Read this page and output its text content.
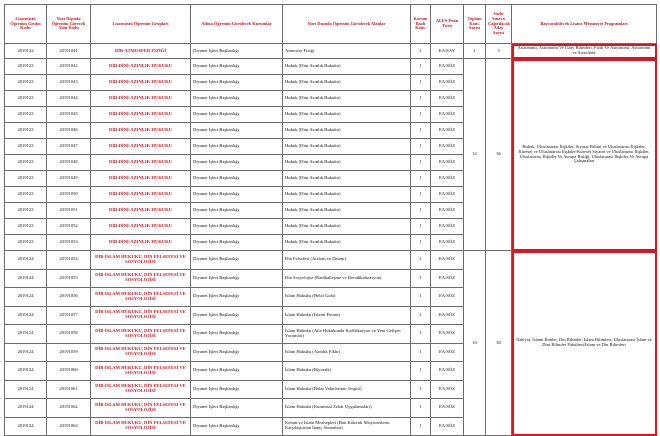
Lisansüstü Öğrenim Grubu Kodu	Yurt Dışında Öğrenim Görecek Alan Kodu	Lisansüstü Öğrenim Grupları	Adına Öğrenim Görülecek Kurumlar	Yurt Dışında Öğrenim Görülecek Alanlar	Kurum Bazlı Kont.	ALES Puan Türü	Toplam Kont. Sayısı	Sözlü Sınava Çağırılacak Aday Sayısı	Başvurabilecek Lisans Mezuniyet Programları
2019122	20191041	DİB-ATMOSFER FİZİĞİ	Diyanet İşleri Başkanlığı	Atmosfer Fiziği	1	EA/SAY	1	3	Astronomi, Astronomi Ve Uzay Bilimleri, Fizik Ve Astronomi, Astronomi ve Astrofizik
2019123	20191042	DİB-DİNİ-AZINLIK HUKUKU	Diyanet İşleri Başkanlığı	Hukuk (Dini Azınlık Hukuku)	1	EA/SÖZ	12	36	Hukuk, Uluslararası İlişkiler, Siyaset Bilimi ve Uluslararası İlişkiler, Küresel ve Uluslararası İlişkiler/Küresel Siyaset ve Uluslararası İlişkiler, Uluslararası İlişkiler Ve Avrupa Birliği, Uluslararası İlişkiler Ve Avrupa Çalışmaları
2019123	20191043	DİB-DİNİ-AZINLIK HUKUKU	Diyanet İşleri Başkanlığı	Hukuk (Dini Azınlık Hukuku)	1	EA/SÖZ			
2019123	20191044	DİB-DİNİ-AZINLIK HUKUKU	Diyanet İşleri Başkanlığı	Hukuk (Dini Azınlık Hukuku)	1	EA/SÖZ			
2019123	20191045	DİB-DİNİ-AZINLIK HUKUKU	Diyanet İşleri Başkanlığı	Hukuk (Dini Azınlık Hukuku)	1	EA/SÖZ			
2019123	20191046	DİB-DİNİ-AZINLIK HUKUKU	Diyanet İşleri Başkanlığı	Hukuk (Dini Azınlık Hukuku)	1	EA/SÖZ			
2019123	20191047	DİB-DİNİ-AZINLIK HUKUKU	Diyanet İşleri Başkanlığı	Hukuk (Dini Azınlık Hukuku)	1	EA/SÖZ			
2019123	20191048	DİB-DİNİ-AZINLIK HUKUKU	Diyanet İşleri Başkanlığı	Hukuk (Dini Azınlık Hukuku)	1	EA/SÖZ			
2019123	20191049	DİB-DİNİ-AZINLIK HUKUKU	Diyanet İşleri Başkanlığı	Hukuk (Dini Azınlık Hukuku)	1	EA/SÖZ			
2019123	20191050	DİB-DİNİ-AZINLIK HUKUKU	Diyanet İşleri Başkanlığı	Hukuk (Dini Azınlık Hukuku)	1	EA/SÖZ			
2019123	20191051	DİB-DİNİ-AZINLIK HUKUKU	Diyanet İşleri Başkanlığı	Hukuk (Dini Azınlık Hukuku)	1	EA/SÖZ			
2019123	20191052	DİB-DİNİ-AZINLIK HUKUKU	Diyanet İşleri Başkanlığı	Hukuk (Dini Azınlık Hukuku)	1	EA/SÖZ			
2019123	20191053	DİB-DİNİ-AZINLIK HUKUKU	Diyanet İşleri Başkanlığı	Hukuk (Dini Azınlık Hukuku)	1	EA/SÖZ			
2019124	20191054	DİB-İSLAM HUKUKU, DİN FELSEFESİ VE SOSYOLOJİSİ	Diyanet İşleri Başkanlığı	Din Felsefesi (Ateizm ve Deizm)	1	EA/SÖZ	10	30	İlahiyat, İslami İlimler, Din Bilimler, İslam Bilimleri, Uluslararası İslam ve Dini Bilimler Fakültesi/İslam ve Din Bilimleri
2019124	20191055	DİB-İSLAM HUKUKU, DİN FELSEFESİ VE SOSYOLOJİSİ	Diyanet İşleri Başkanlığı	Din Sosyolojisi (Radikalleşme ve Deradikalizasyon)	1	EA/SÖZ			
2019124	20191056	DİB-İSLAM HUKUKU, DİN FELSEFESİ VE SOSYOLOJİSİ	Diyanet İşleri Başkanlığı	İslam Hukuku (Helal Gıda)	1	EA/SÖZ			
2019124	20191057	DİB-İSLAM HUKUKU, DİN FELSEFESİ VE SOSYOLOJİSİ	Diyanet İşleri Başkanlığı	İslam Hukuku (İslami Finans)	1	EA/SÖZ			
2019124	20191058	DİB-İSLAM HUKUKU, DİN FELSEFESİ VE SOSYOLOJİSİ	Diyanet İşleri Başkanlığı	İslam Hukuku (Aile Hukukunda Kodifikasyon ve Yeni Gelişen Yorumlar)	1	EA/SÖZ			
2019124	20191059	DİB-İSLAM HUKUKU, DİN FELSEFESİ VE SOSYOLOJİSİ	Diyanet İşleri Başkanlığı	İslam Hukuku (Azınlık Fıkhı)	1	EA/SÖZ			
2019124	20191060	DİB-İSLAM HUKUKU, DİN FELSEFESİ VE SOSYOLOJİSİ	Diyanet İşleri Başkanlığı	İslam Hukuku (Biyoetik)	1	EA/SÖZ			
2019124	20191061	DİB-İSLAM HUKUKU, DİN FELSEFESİ VE SOSYOLOJİSİ	Diyanet İşleri Başkanlığı	İslam Hukuku (Bidat Vakitlerinin Tespiti)	1	EA/SÖZ			
2019124	20191062	DİB-İSLAM HUKUKU, DİN FELSEFESİ VE SOSYOLOJİSİ	Diyanet İşleri Başkanlığı	İslam Hukuku (Kurumsal Zekat Uygulamaları)	1	EA/SÖZ			
2019124	20191063	DİB-İSLAM HUKUKU, DİN FELSEFESİ VE SOSYOLOJİSİ	Diyanet İşleri Başkanlığı	Kelam ve İslam Mezhepleri (Batı Kökenli Misyonerlerin Karşılaştırılan İnanç Sonunları)	1	EA/SÖZ			
